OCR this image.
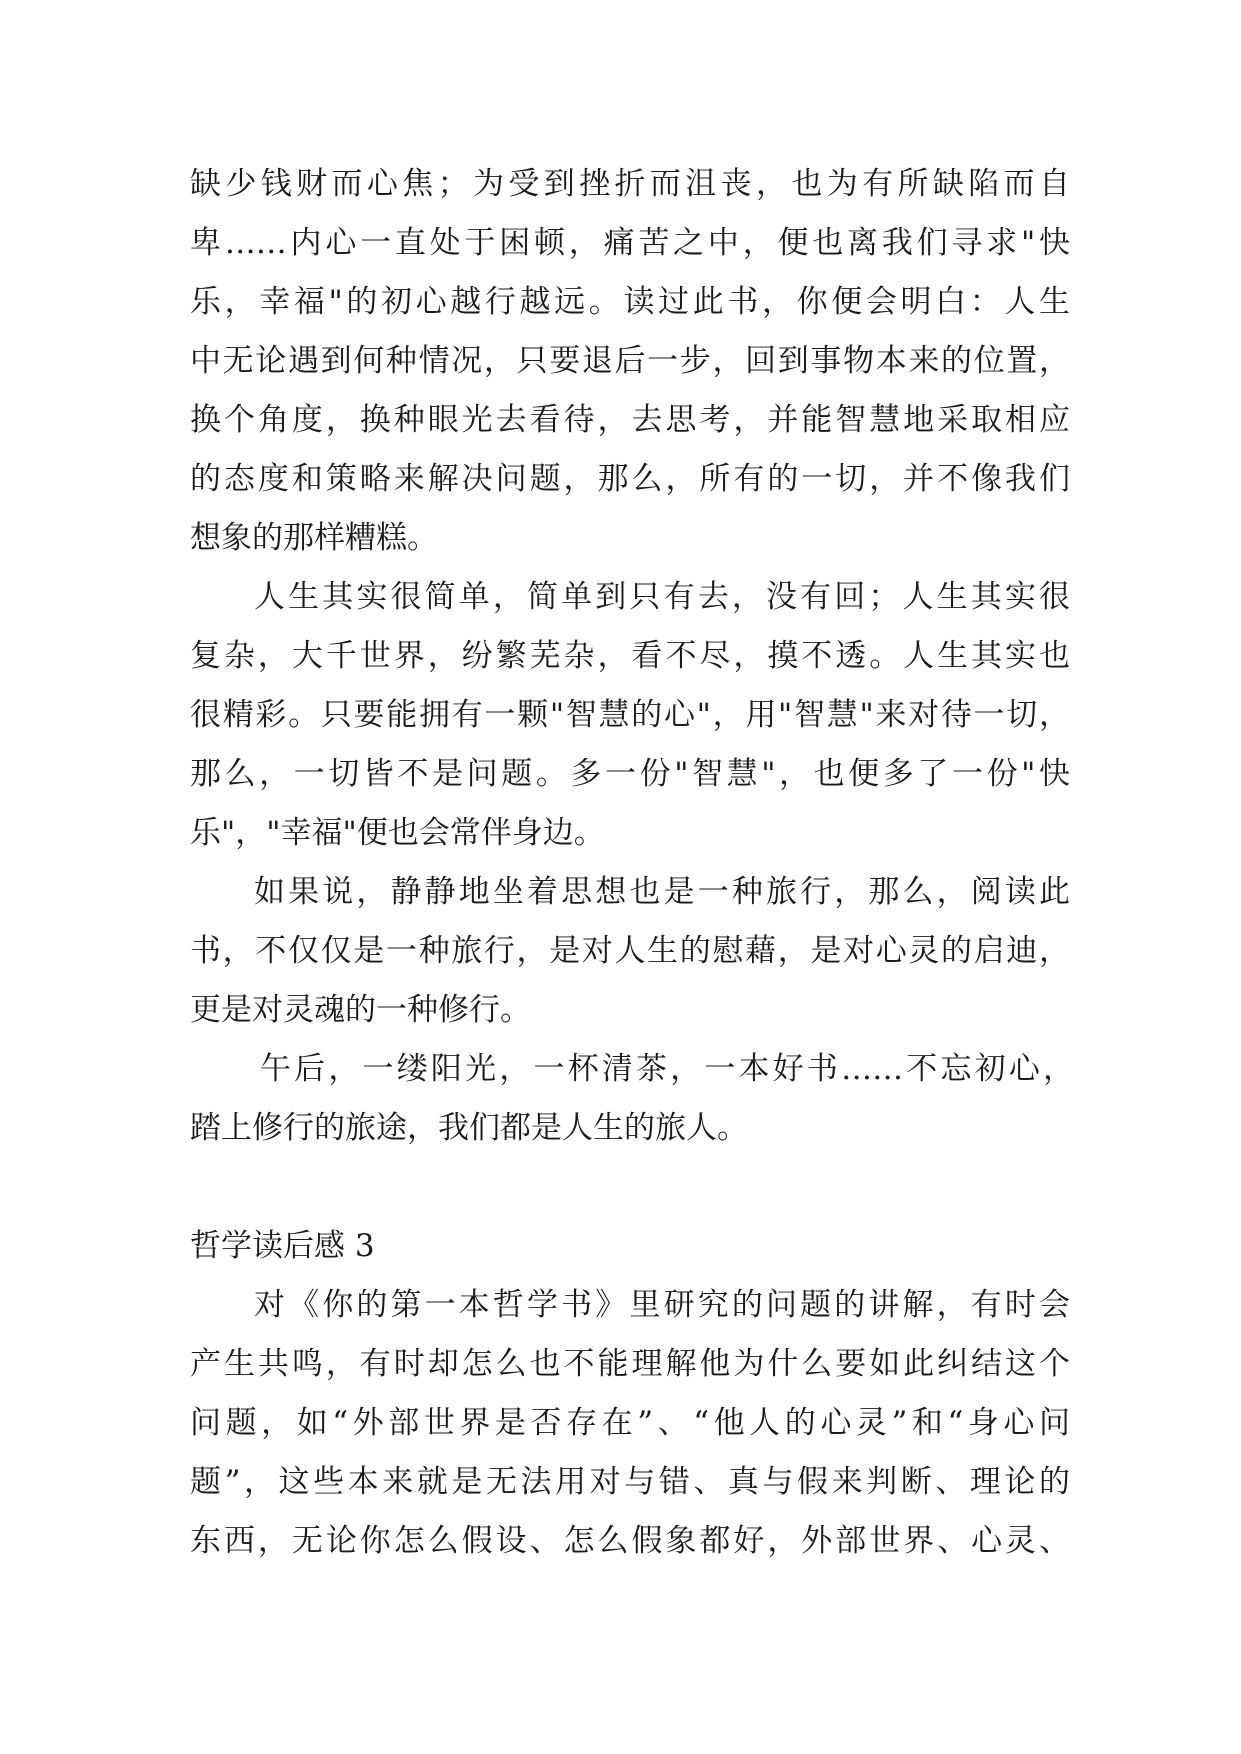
缺少钱财而心焦；为受到挫折而沮丧，也为有所缺陷而自
卑……内心一直处于困顿，痛苦之中，便也离我们寻求"快
乐，幸福"的初心越行越远。读过此书，你便会明白：人生
中无论遇到何种情况，只要退后一步，回到事物本来的位置，
换个角度，换种眼光去看待，去思考，并能智慧地采取相应
的态度和策略来解决问题，那么，所有的一切，并不像我们
想象的那样糟糕。
人生其实很简单，简单到只有去，没有回；人生其实很
复杂，大千世界，纷繁芜杂，看不尽，摸不透。人生其实也
很精彩。只要能拥有一颗"智慧的心"，用"智慧"来对待一切，
那么，一切皆不是问题。多一份"智慧"，也便多了一份"快
乐"，"幸福"便也会常伴身边。
如果说，静静地坐着思想也是一种旅行，那么，阅读此
书，不仅仅是一种旅行，是对人生的慰藉，是对心灵的启迪，
更是对灵魂的一种修行。
午后，一缕阳光，一杯清茶，一本好书……不忘初心，
踏上修行的旅途，我们都是人生的旅人。
哲学读后感 3
对《你的第一本哲学书》里研究的问题的讲解，有时会
产生共鸣，有时却怎么也不能理解他为什么要如此纠结这个
问题，如“外部世界是否存在”、“他人的心灵”和“身心问
题”，这些本来就是无法用对与错、真与假来判断、理论的
东西，无论你怎么假设、怎么假象都好，外部世界、心灵、
